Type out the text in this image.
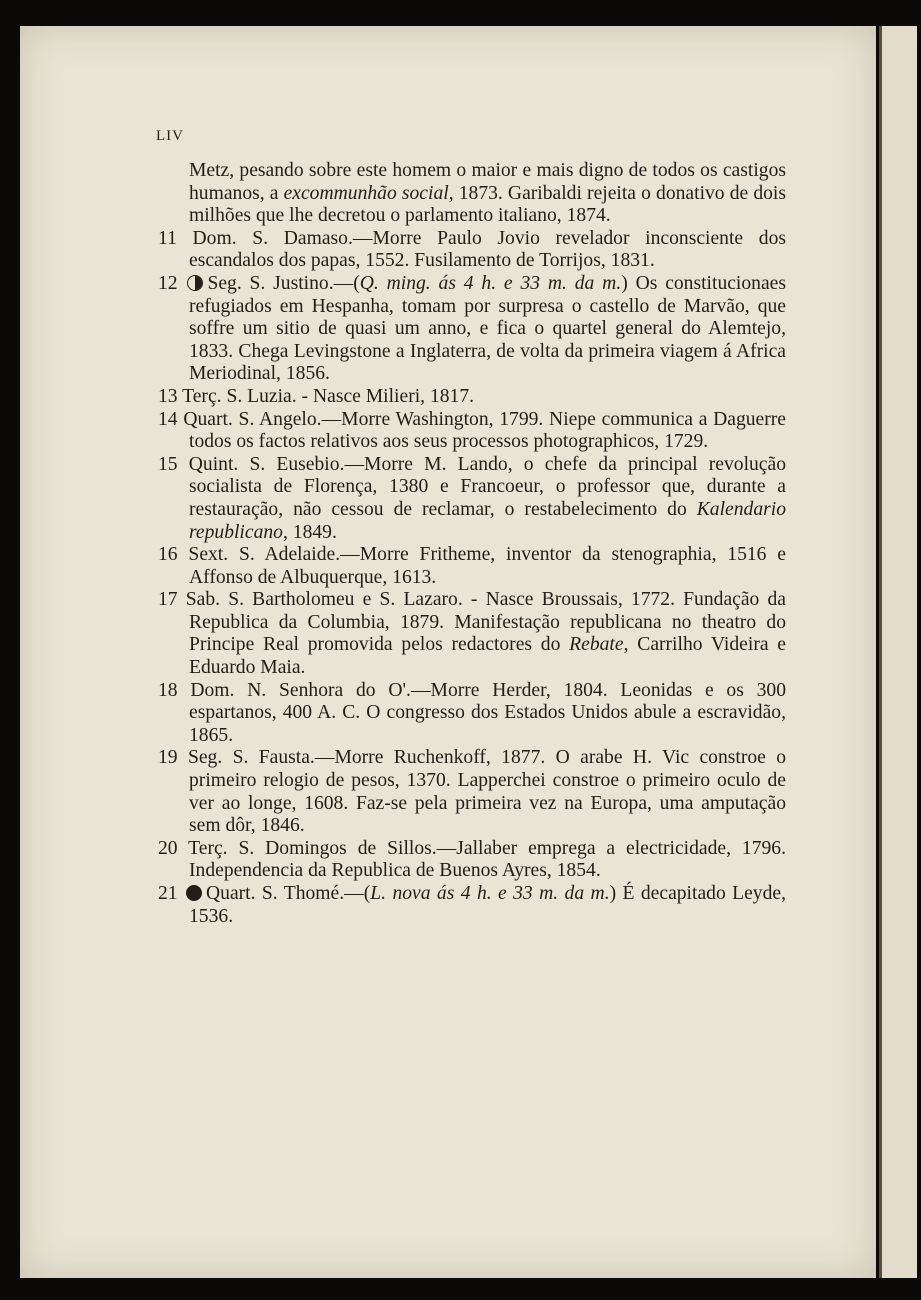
LIV

Metz, pesando sobre este homem o maior e mais digno de todos os castigos humanos, a excommunhão social, 1873. Garibaldi rejeita o donativo de dois milhões que lhe decretou o parlamento italiano, 1874.

11 Dom. S. Damaso.—Morre Paulo Jovio revelador inconsciente dos escandalos dos papas, 1552. Fusilamento de Torrijos, 1831.

12 Seg. S. Justino.—(Q. ming. ás 4 h. e 33 m. da m.) Os constitucionaes refugiados em Hespanha, tomam por surpresa o castello de Marvão, que soffre um sitio de quasi um anno, e fica o quartel general do Alemtejo, 1833. Chega Levingstone a Inglaterra, de volta da primeira viagem á Africa Meriodinal, 1856.

13 Terç. S. Luzia. - Nasce Milieri, 1817.

14 Quart. S. Angelo.—Morre Washington, 1799. Niepe communica a Daguerre todos os factos relativos aos seus processos photographicos, 1729.

15 Quint. S. Eusebio.—Morre M. Lando, o chefe da principal revolução socialista de Florença, 1380 e Francoeur, o professor que, durante a restauração, não cessou de reclamar, o restabelecimento do Kalendario republicano, 1849.

16 Sext. S. Adelaide.—Morre Fritheme, inventor da stenographia, 1516 e Affonso de Albuquerque, 1613.

17 Sab. S. Bartholomeu e S. Lazaro. - Nasce Broussais, 1772. Fundação da Republica da Columbia, 1879. Manifestação republicana no theatro do Principe Real promovida pelos redactores do Rebate, Carrilho Videira e Eduardo Maia.

18 Dom. N. Senhora do O'.—Morre Herder, 1804. Leonidas e os 300 espartanos, 400 A. C. O congresso dos Estados Unidos abule a escravidão, 1865.

19 Seg. S. Fausta.—Morre Ruchenkoff, 1877. O arabe H. Vic constroe o primeiro relogio de pesos, 1370. Lapperchei constroe o primeiro oculo de ver ao longe, 1608. Faz-se pela primeira vez na Europa, uma amputação sem dôr, 1846.

20 Terç. S. Domingos de Sillos.—Jallaber emprega a electricidade, 1796. Independencia da Republica de Buenos Ayres, 1854.

21 Quart. S. Thomé.—(L. nova ás 4 h. e 33 m. da m.) É decapitado Leyde, 1536.
